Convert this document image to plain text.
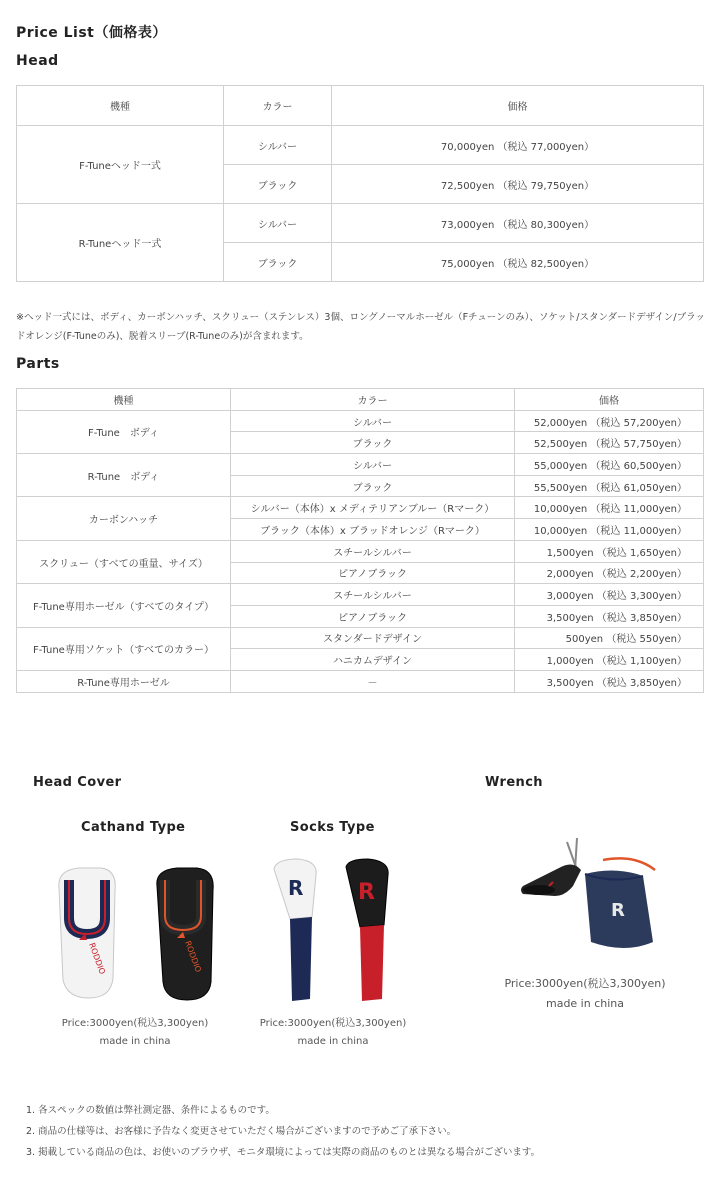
Price List（価格表）
Head
機種	カラー	価格
F-Tuneヘッド一式	シルバー	70,000yen （税込 77,000yen）
	ブラック	72,500yen （税込 79,750yen）
R-Tuneヘッド一式	シルバー	73,000yen （税込 80,300yen）
	ブラック	75,000yen （税込 82,500yen）
※ヘッド一式には、ボディ、カーボンハッチ、スクリュー（ステンレス）3個、ロングノーマルホーゼル（Fチューンのみ）、ソケット/スタンダードデザイン/ブラッドオレンジ(F-Tuneのみ)、脱着スリーブ(R-Tuneのみ)が含まれます。
Parts
機種	カラー	価格
F-Tune　ボディ	シルバー	52,000yen （税込 57,200yen）
	ブラック	52,500yen （税込 57,750yen）
R-Tune　ボディ	シルバー	55,000yen （税込 60,500yen）
	ブラック	55,500yen （税込 61,050yen）
カーボンハッチ	シルバー（本体）x メディテリアンブルー（Rマーク）	10,000yen （税込 11,000yen）
	ブラック（本体）x ブラッドオレンジ（Rマーク）	10,000yen （税込 11,000yen）
スクリュー（すべての重量、サイズ）	スチールシルバー	1,500yen （税込 1,650yen）
	ピアノブラック	2,000yen （税込 2,200yen）
F-Tune専用ホーゼル（すべてのタイプ）	スチールシルバー	3,000yen （税込 3,300yen）
	ピアノブラック	3,500yen （税込 3,850yen）
F-Tune専用ソケット（すべてのカラー）	スタンダードデザイン	500yen （税込 550yen）
	ハニカムデザイン	1,000yen （税込 1,100yen）
R-Tune専用ホーゼル	－	3,500yen （税込 3,850yen）
Head Cover	Wrench
Cathand Type	Socks Type
RODDIO	RODDIO
R R
R
Price:3000yen(税込3,300yen)
made in china
Price:3000yen(税込3,300yen)
made in china
Price:3000yen(税込3,300yen)
made in china
1. 各スペックの数値は弊社測定器、条件によるものです。
2. 商品の仕様等は、お客様に予告なく変更させていただく場合がございますので予めご了承下さい。
3. 掲載している商品の色は、お使いのブラウザ、モニタ環境によっては実際の商品のものとは異なる場合がございます。
